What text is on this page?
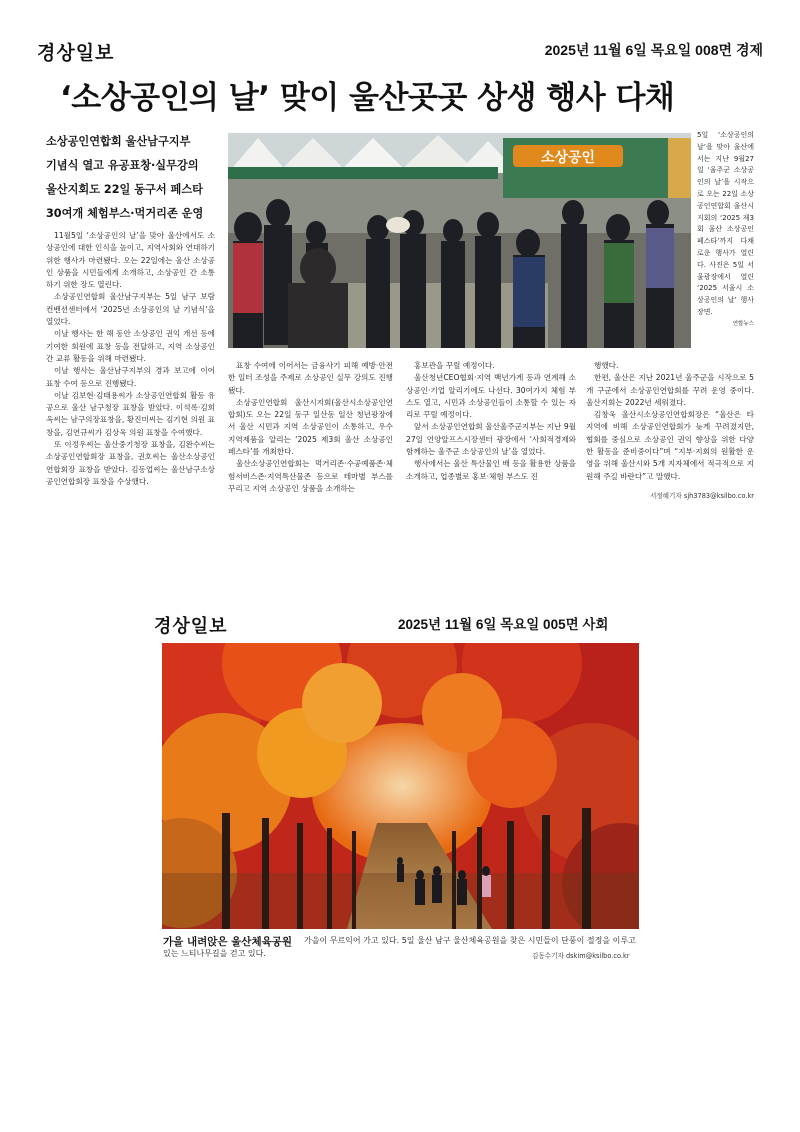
경상일보	2025년 11월 6일 목요일 008면 경제
‘소상공인의 날’ 맞이 울산곳곳 상생 행사 다채
소상공인연합회 울산남구지부
기념식 열고 유공표창·실무강의
울산지회도 22일 동구서 페스타
30여개 체험부스·먹거리존 운영

11월5일 ‘소상공인의 날’을 맞아 울산에서도 소상공인에 대한 인식을 높이고, 지역사회와 연대하기 위한 행사가 마련됐다. 오는 22일에는 울산 소상공인 상품을 시민들에게 소개하고, 소상공인 간 소통하기 위한 장도 열린다.

소상공인연합회 울산남구지부는 5일 남구 보람컨벤션센터에서 ‘2025년 소상공인의 날 기념식’을 열었다.

이날 행사는 한 해 동안 소상공인 권익 개선 등에 기여한 회원에 표창 등을 전달하고, 지역 소상공인 간 교류 활동을 위해 마련됐다.

이날 행사는 울산남구지부의 경과 보고에 이어 표창 수여 등으로 진행됐다.

이날 김보현·김태용씨가 소상공인연합회 활동 유공으로 울산 남구청장 표창을 받았다. 이석록·김희옥씨는 남구의장표창을, 황진미씨는 김기현 의원 표창을, 김연규씨가 김상욱 의원 표창을 수여했다.

또 이정우씨는 울산중기청장 표창을, 김완수씨는 소상공인연합회장 표창을, 권호씨는 울산소상공인연합회장 표창을 받았다. 김동업씨는 울산남구소상공인연합회장 표창을 수상했다.

소상공인
5일 ‘소상공인의 날’을 맞아 울산에서는 지난 9월27일 ‘울주군 소상공인의 날’을 시작으로 오는 22일 소상공인연합회 울산시지회의 ‘2025 제3회 울산 소상공인 페스타’까지 다채로운 행사가 열린다. 사진은 5일 서울광장에서 열린 ‘2025 서울시 소상공인의 날’ 행사 장면.
연합뉴스

표창 수여에 이어서는 금융사기 피해 예방·안전한 일터 조성을 주제로 소상공인 실무 강의도 진행됐다.

소상공인연합회 울산시지회(울산시소상공인연합회)도 오는 22일 동구 일산동 일산 청년광장에서 울산 시민과 지역 소상공인이 소통하고, 우수 지역제품을 알리는 ‘2025 제3회 울산 소상공인 페스타’를 개최한다.

울산소상공인연합회는 먹거리존·수공예품존·체험서비스존·지역특산물존 등으로 테마별 부스를 꾸리고 지역 소상공인 상품을 소개하는

홍보관을 꾸릴 예정이다.

울산청년CEO협회·지역 백년가게 등과 연계해 소상공인·기업 알리기에도 나선다. 30여가지 체험 부스도 열고, 시민과 소상공인들이 소통할 수 있는 자리로 꾸릴 예정이다.

앞서 소상공인연합회 울산울주군지부는 지난 9월27일 언양알프스시장센터 광장에서 ‘사회적경제와 함께하는 울주군 소상공인의 날’을 열었다.

행사에서는 울산 특산물인 배 등을 활용한 상품을 소개하고, 업종별로 홍보·체험 부스도 진

행했다.

한편, 울산은 지난 2021년 울주군을 시작으로 5개 구군에서 소상공인연합회를 꾸려 운영 중이다. 울산지회는 2022년 세워졌다.

김창욱 울산시소상공인연합회장은 “울산은 타 지역에 비해 소상공인연합회가 늦게 꾸려졌지만, 협회를 중심으로 소상공인 권익 향상을 위한 다양한 활동을 준비중이다”며 “지부·지회의 원활한 운영을 위해 울산시와 5개 지자체에서 적극적으로 지원해 주길 바란다”고 말했다.

서정혜기자 sjh3783@ksilbo.co.kr
경상일보	2025년 11월 6일 목요일 005면 사회
가을 내려앉은 울산체육공원 가을이 무르익어 가고 있다. 5일 울산 남구 울산체육공원을 찾은 시민들이 단풍이 절정을 이루고
있는 느티나무길을 걷고 있다.	김동수기자 dskim@ksilbo.co.kr
